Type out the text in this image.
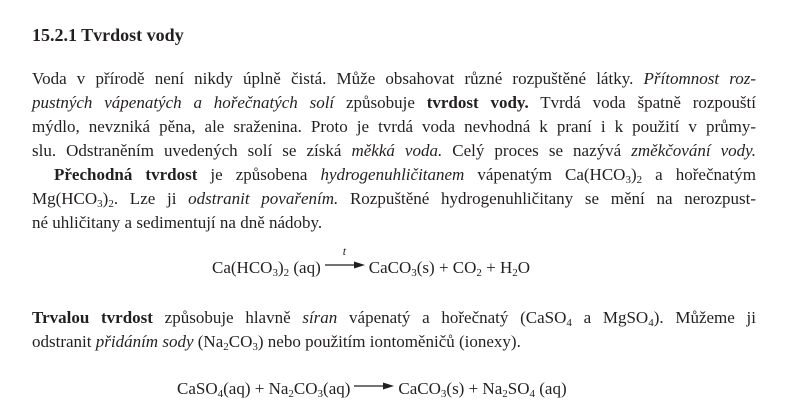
15.2.1 Tvrdost vody
Voda v přírodě není nikdy úplně čistá. Může obsahovat různé rozpuštěné látky. Přítomnost roz-
pustných vápenatých a hořečnatých solí způsobuje tvrdost vody. Tvrdá voda špatně rozpouští
mýdlo, nevzniká pěna, ale sraženina. Proto je tvrdá voda nevhodná k praní i k použití v průmy-
slu. Odstraněním uvedených solí se získá měkká voda. Celý proces se nazývá změkčování vody.
Přechodná tvrdost je způsobena hydrogenuhličitanem vápenatým $Ca(HCO_3)_2$ a hořečnatým
$Mg(HCO_3)_2$. Lze ji odstranit povařením. Rozpuštěné hydrogenuhličitany se mění na nerozpust-
né uhličitany a sedimentují na dně nádoby.
$Ca(HCO_3)_2$ (aq)
t
CaCO$_3$(s) + $CO_2 + H_2O$
Trvalou tvrdost způsobuje hlavně síran vápenatý a hořečnatý (CaSO$_4$ a MgSO$_4$). Můžeme ji
odstranit přidáním sody $(Na_2CO_3)$ nebo použitím iontoměničů (ionexy).
CaSO$_4$(aq) + $Na_2CO_3(aq)$ → CaCO$_3$(s) + $Na_2SO_4$ (aq)
